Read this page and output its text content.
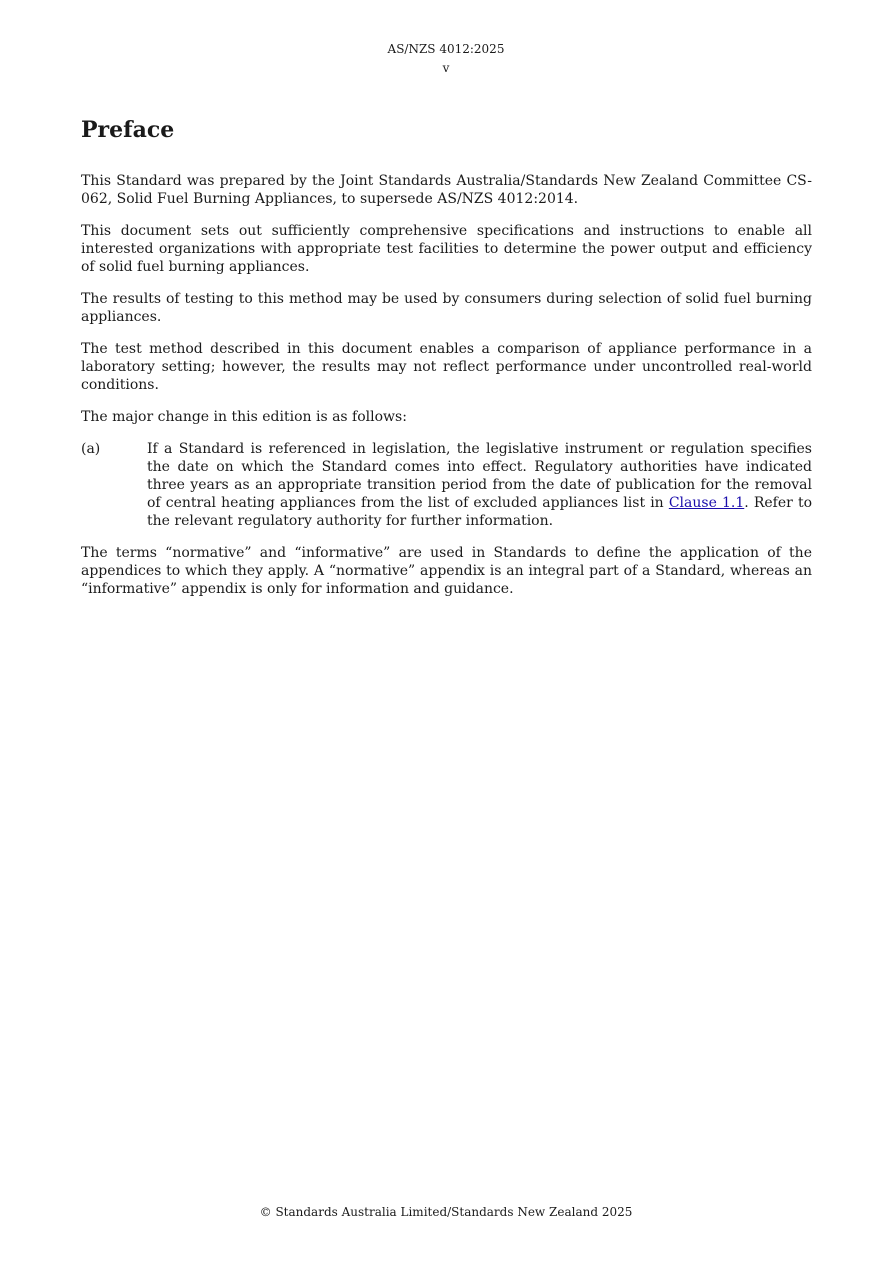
AS/NZS 4012:2025
v
Preface

This Standard was prepared by the Joint Standards Australia/Standards New Zealand Committee CS-062, Solid Fuel Burning Appliances, to supersede AS/NZS 4012:2014.

This document sets out sufficiently comprehensive specifications and instructions to enable all interested organizations with appropriate test facilities to determine the power output and efficiency of solid fuel burning appliances.

The results of testing to this method may be used by consumers during selection of solid fuel burning appliances.

The test method described in this document enables a comparison of appliance performance in a laboratory setting; however, the results may not reflect performance under uncontrolled real-world conditions.

The major change in this edition is as follows:

(a)	If a Standard is referenced in legislation, the legislative instrument or regulation specifies the date on which the Standard comes into effect. Regulatory authorities have indicated three years as an appropriate transition period from the date of publication for the removal of central heating appliances from the list of excluded appliances list in Clause 1.1. Refer to the relevant regulatory authority for further information.

The terms “normative” and “informative” are used in Standards to define the application of the appendices to which they apply. A “normative” appendix is an integral part of a Standard, whereas an “informative” appendix is only for information and guidance.

© Standards Australia Limited/Standards New Zealand 2025
